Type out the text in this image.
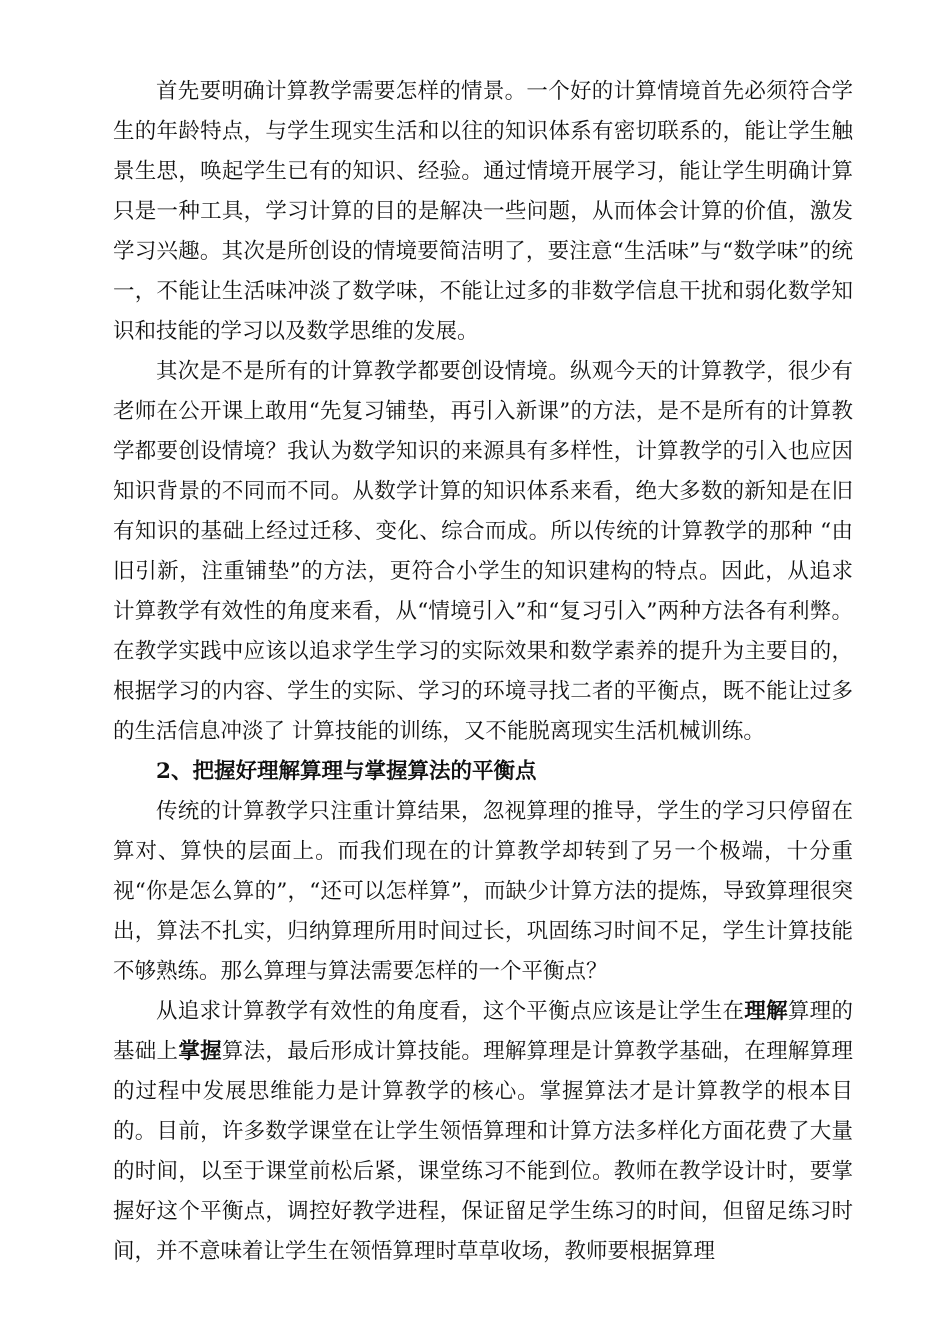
首先要明确计算教学需要怎样的情景。一个好的计算情境首先必须符合学生的年龄特点，与学生现实生活和以往的知识体系有密切联系的，能让学生触景生思，唤起学生已有的知识、经验。通过情境开展学习，能让学生明确计算只是一种工具，学习计算的目的是解决一些问题，从而体会计算的价值，激发学习兴趣。其次是所创设的情境要简洁明了，要注意“生活味”与“数学味”的统一，不能让生活味冲淡了数学味，不能让过多的非数学信息干扰和弱化数学知识和技能的学习以及数学思维的发展。

其次是不是所有的计算教学都要创设情境。纵观今天的计算教学，很少有老师在公开课上敢用“先复习铺垫，再引入新课”的方法，是不是所有的计算教学都要创设情境？我认为数学知识的来源具有多样性，计算教学的引入也应因知识背景的不同而不同。从数学计算的知识体系来看，绝大多数的新知是在旧有知识的基础上经过迁移、变化、综合而成。所以传统的计算教学的那种 “由旧引新，注重铺垫”的方法，更符合小学生的知识建构的特点。因此，从追求计算教学有效性的角度来看，从“情境引入”和“复习引入”两种方法各有利弊。在教学实践中应该以追求学生学习的实际效果和数学素养的提升为主要目的，根据学习的内容、学生的实际、学习的环境寻找二者的平衡点，既不能让过多的生活信息冲淡了 计算技能的训练，又不能脱离现实生活机械训练。

2、把握好理解算理与掌握算法的平衡点

传统的计算教学只注重计算结果，忽视算理的推导，学生的学习只停留在算对、算快的层面上。而我们现在的计算教学却转到了另一个极端，十分重视“你是怎么算的”，“还可以怎样算”，而缺少计算方法的提炼，导致算理很突出，算法不扎实，归纳算理所用时间过长，巩固练习时间不足，学生计算技能不够熟练。那么算理与算法需要怎样的一个平衡点？

从追求计算教学有效性的角度看，这个平衡点应该是让学生在理解算理的基础上掌握算法，最后形成计算技能。理解算理是计算教学基础，在理解算理的过程中发展思维能力是计算教学的核心。掌握算法才是计算教学的根本目的。目前，许多数学课堂在让学生领悟算理和计算方法多样化方面花费了大量的时间，以至于课堂前松后紧，课堂练习不能到位。教师在教学设计时，要掌握好这个平衡点，调控好教学进程，保证留足学生练习的时间，但留足练习时间，并不意味着让学生在领悟算理时草草收场，教师要根据算理
